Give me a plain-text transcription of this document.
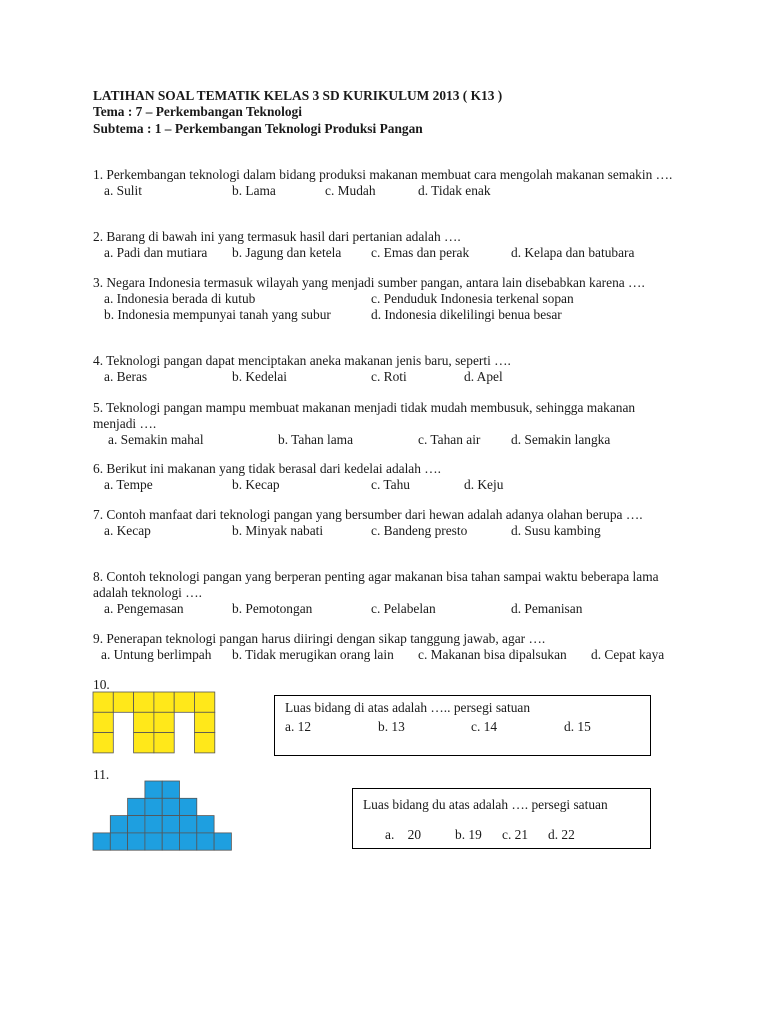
LATIHAN SOAL TEMATIK KELAS 3 SD KURIKULUM 2013 ( K13 )
Tema : 7 – Perkembangan Teknologi
Subtema : 1 – Perkembangan Teknologi Produksi Pangan
1. Perkembangan teknologi dalam bidang produksi makanan membuat cara mengolah makanan semakin ….
a. Sulit	b. Lama	c. Mudah	d. Tidak enak
2. Barang di bawah ini yang termasuk hasil dari pertanian adalah ….
a. Padi dan mutiara b. Jagung dan ketela c. Emas dan perak	d. Kelapa dan batubara
3. Negara Indonesia termasuk wilayah yang menjadi sumber pangan, antara lain disebabkan karena ….
a. Indonesia berada di kutub	c. Penduduk Indonesia terkenal sopan
b. Indonesia mempunyai tanah yang subur	d. Indonesia dikelilingi benua besar
4. Teknologi pangan dapat menciptakan aneka makanan jenis baru, seperti ….
a. Beras	b. Kedelai	c. Roti	d. Apel
5. Teknologi pangan mampu membuat makanan menjadi tidak mudah membusuk, sehingga makanan menjadi ….
a. Semakin mahal	b. Tahan lama	c. Tahan air d. Semakin langka
6. Berikut ini makanan yang tidak berasal dari kedelai adalah ….
a. Tempe	b. Kecap	c. Tahu	d. Keju
7. Contoh manfaat dari teknologi pangan yang bersumber dari hewan adalah adanya olahan berupa ….
a. Kecap	b. Minyak nabati	c. Bandeng presto	d. Susu kambing
8. Contoh teknologi pangan yang berperan penting agar makanan bisa tahan sampai waktu beberapa lama adalah teknologi ….
a. Pengemasan	b. Pemotongan	c. Pelabelan	d. Pemanisan
9. Penerapan teknologi pangan harus diiringi dengan sikap tanggung jawab, agar ….
a. Untung berlimpah b. Tidak merugikan orang lain c. Makanan bisa dipalsukan d. Cepat kaya
10.
Luas bidang di atas adalah ….. persegi satuan
a. 12	b. 13	c. 14	d. 15
11.
Luas bidang du atas adalah …. persegi satuan
a.    20	b. 19 c. 21 d. 22
